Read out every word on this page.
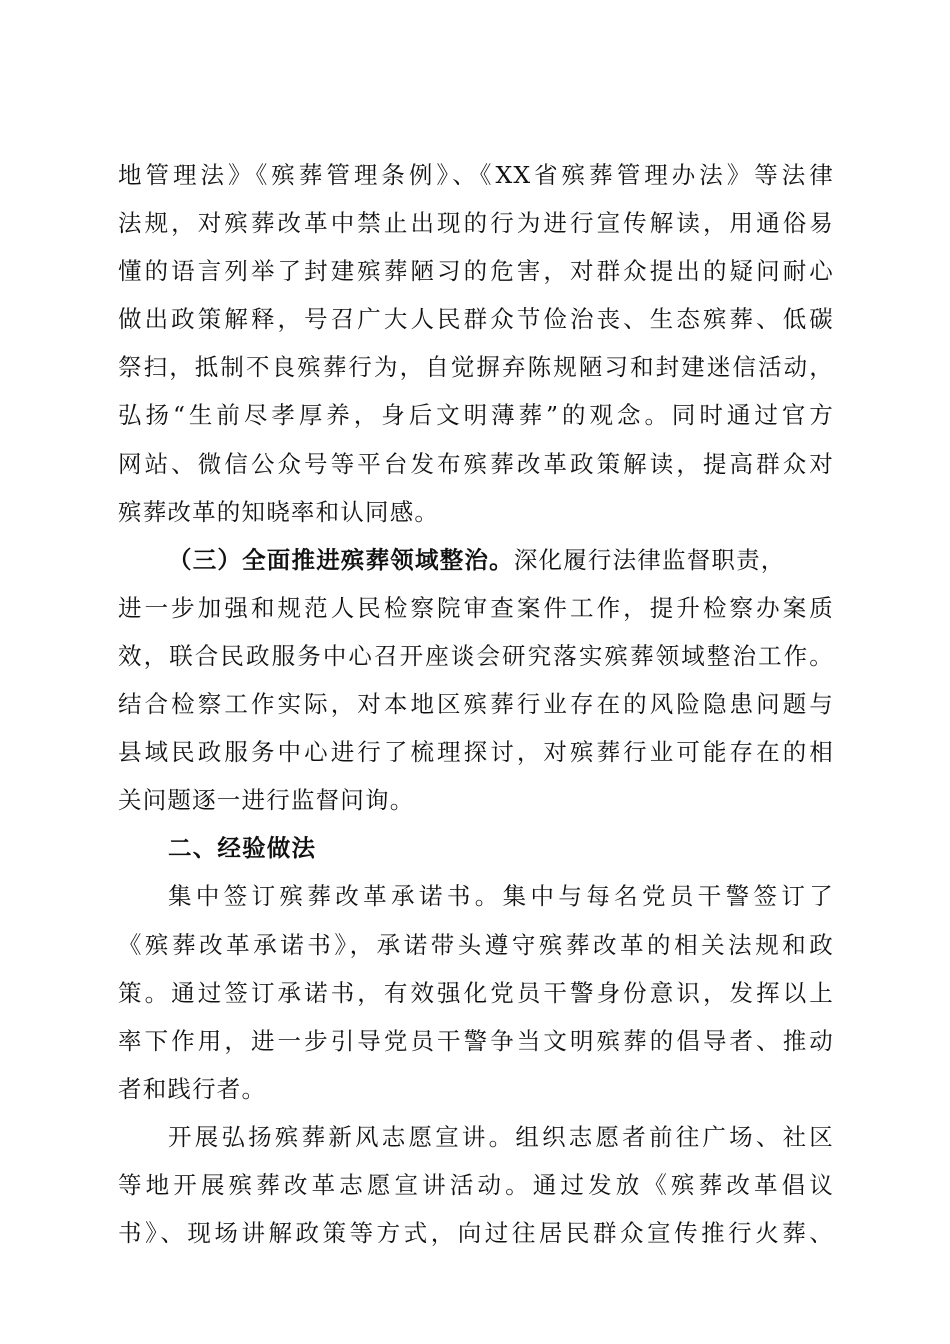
地管理法》《殡葬管理条例》、《XX省殡葬管理办法》等法律
法规，对殡葬改革中禁止出现的行为进行宣传解读，用通俗易
懂的语言列举了封建殡葬陋习的危害，对群众提出的疑问耐心
做出政策解释，号召广大人民群众节俭治丧、生态殡葬、低碳
祭扫，抵制不良殡葬行为，自觉摒弃陈规陋习和封建迷信活动，
弘扬“生前尽孝厚养，身后文明薄葬”的观念。同时通过官方
网站、微信公众号等平台发布殡葬改革政策解读，提高群众对
殡葬改革的知晓率和认同感。
（三）全面推进殡葬领域整治。深化履行法律监督职责，
进一步加强和规范人民检察院审查案件工作，提升检察办案质
效，联合民政服务中心召开座谈会研究落实殡葬领域整治工作。
结合检察工作实际，对本地区殡葬行业存在的风险隐患问题与
县域民政服务中心进行了梳理探讨，对殡葬行业可能存在的相
关问题逐一进行监督问询。
二、经验做法
集中签订殡葬改革承诺书。集中与每名党员干警签订了
《殡葬改革承诺书》，承诺带头遵守殡葬改革的相关法规和政
策。通过签订承诺书，有效强化党员干警身份意识，发挥以上
率下作用，进一步引导党员干警争当文明殡葬的倡导者、推动
者和践行者。
开展弘扬殡葬新风志愿宣讲。组织志愿者前往广场、社区
等地开展殡葬改革志愿宣讲活动。通过发放《殡葬改革倡议
书》、现场讲解政策等方式，向过往居民群众宣传推行火葬、
